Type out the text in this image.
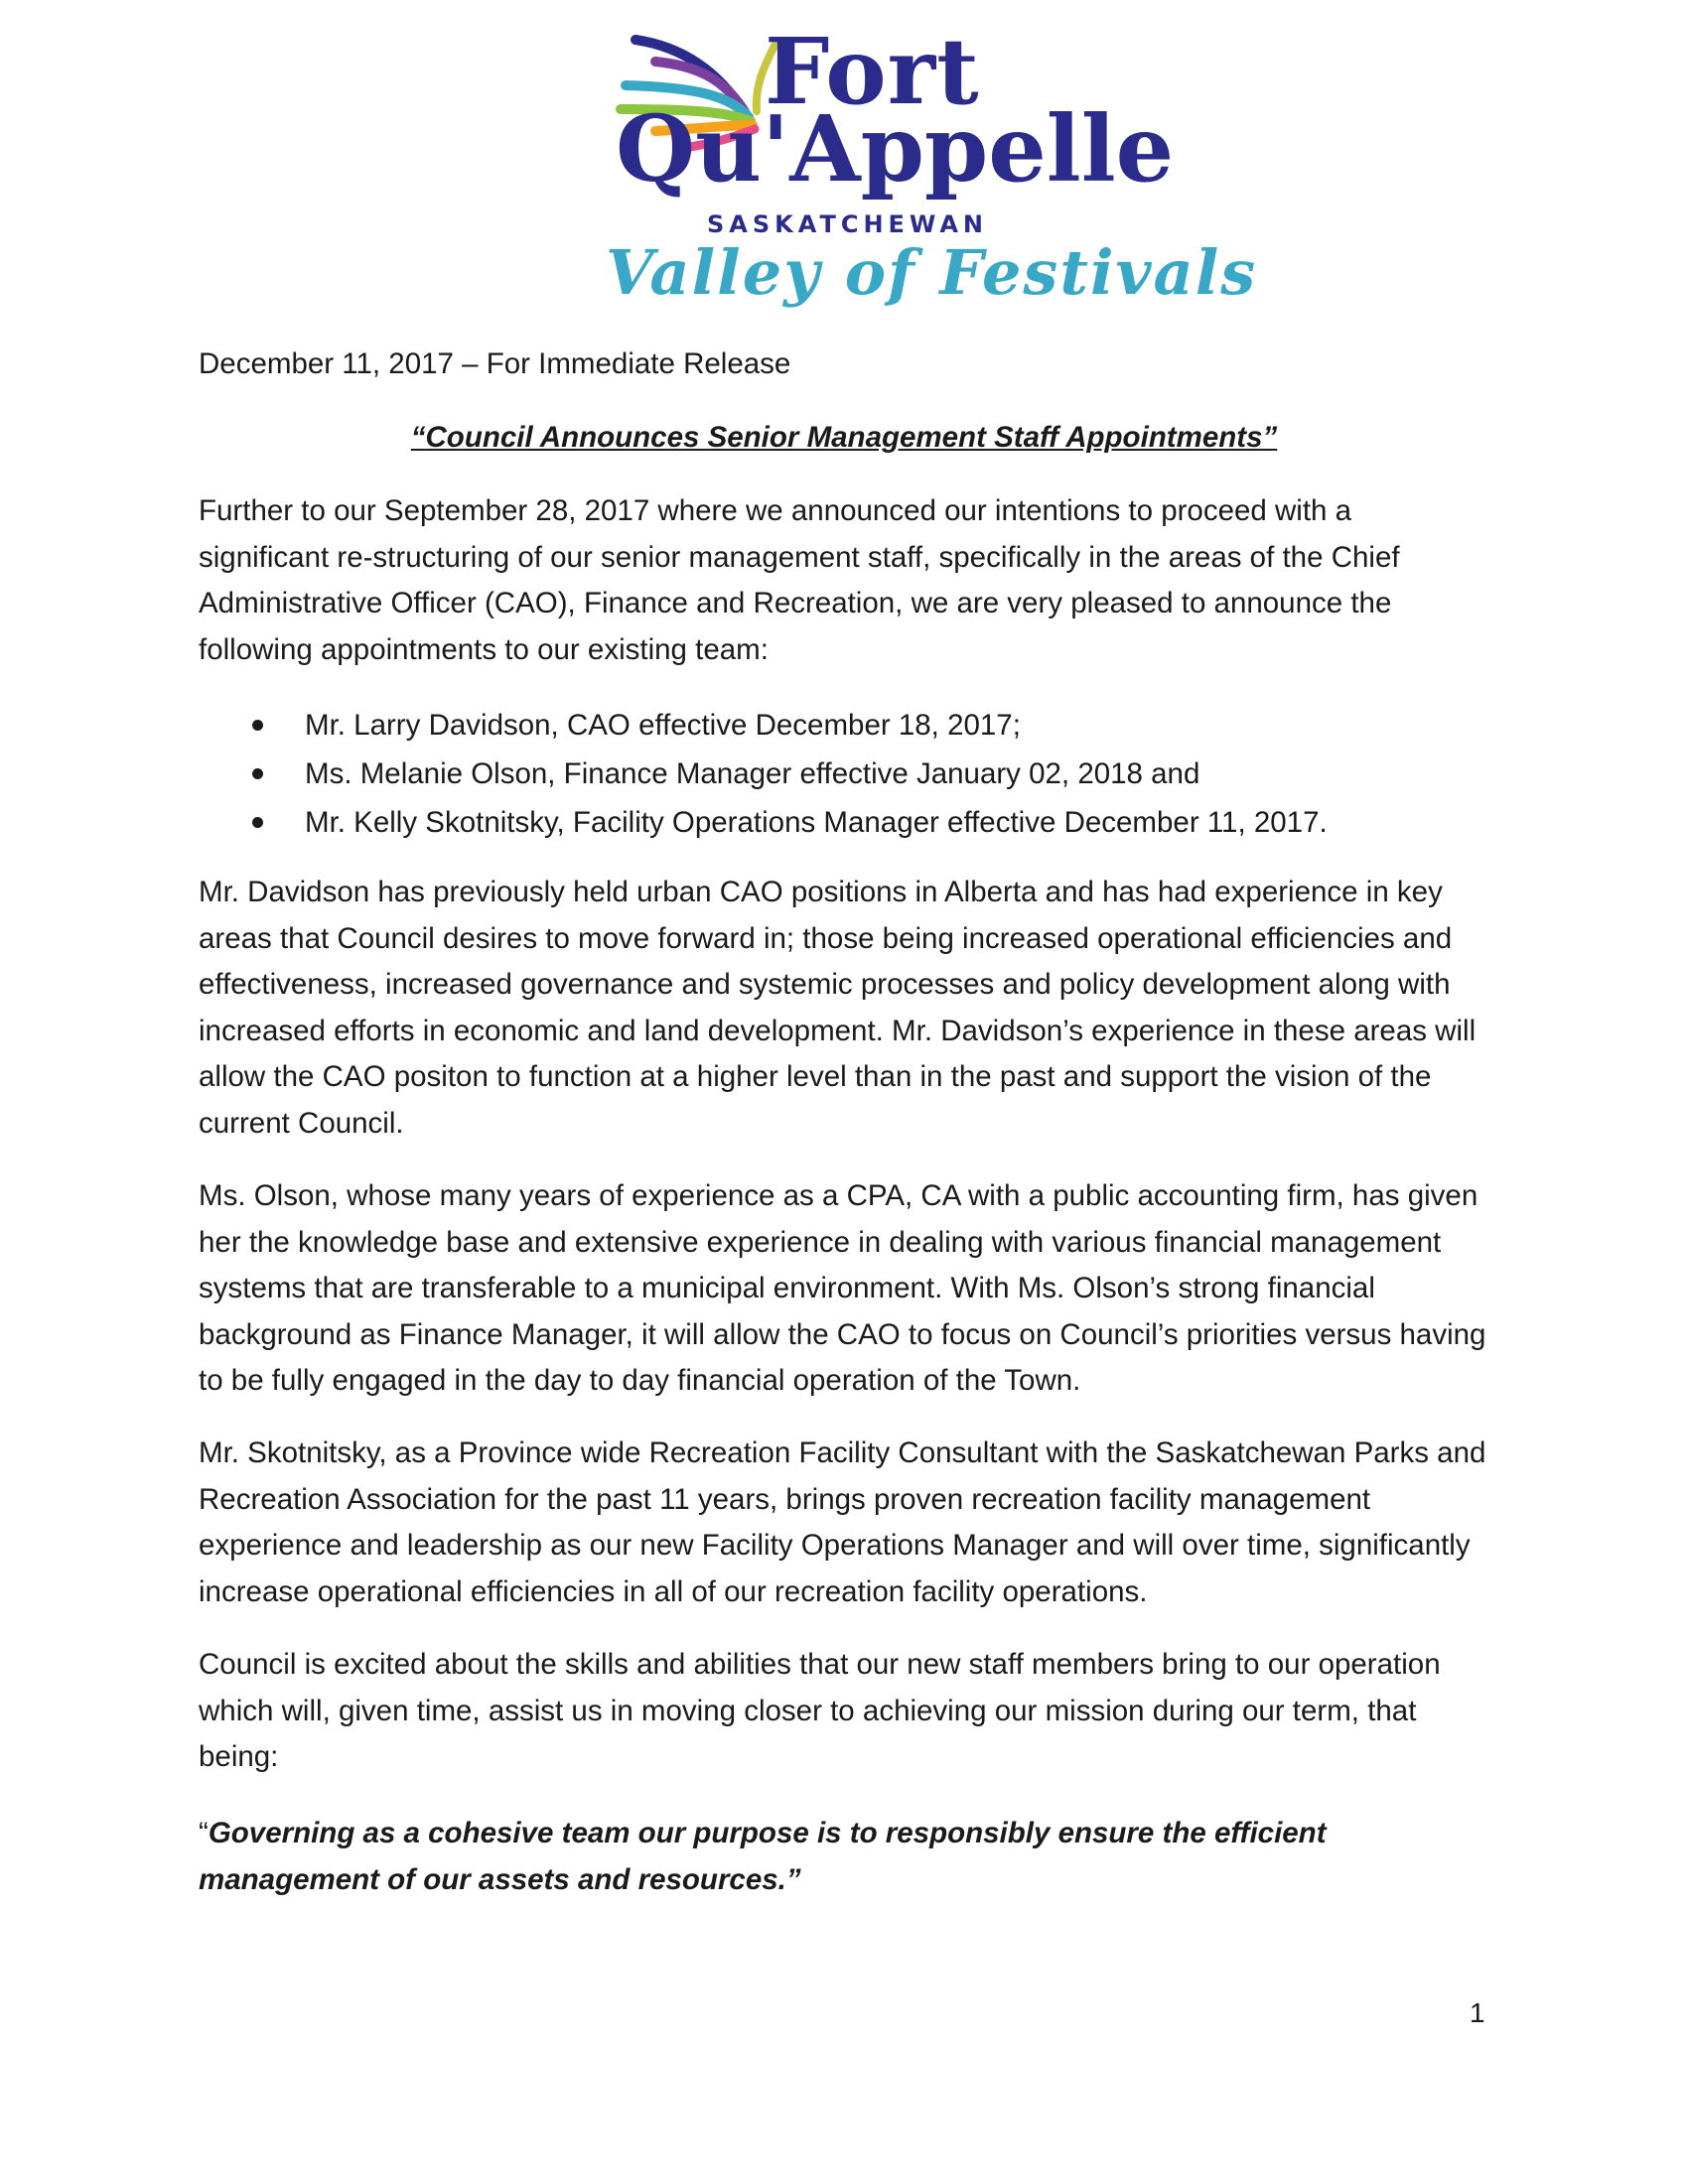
Fort
Qu'Appelle
SASKATCHEWAN
Valley of Festivals

December 11, 2017 – For Immediate Release

“Council Announces Senior Management Staff Appointments”

Further to our September 28, 2017 where we announced our intentions to proceed with a significant re-structuring of our senior management staff, specifically in the areas of the Chief Administrative Officer (CAO), Finance and Recreation, we are very pleased to announce the following appointments to our existing team:

Mr. Larry Davidson, CAO effective December 18, 2017;
Ms. Melanie Olson, Finance Manager effective January 02, 2018 and
Mr. Kelly Skotnitsky, Facility Operations Manager effective December 11, 2017.

Mr. Davidson has previously held urban CAO positions in Alberta and has had experience in key areas that Council desires to move forward in; those being increased operational efficiencies and effectiveness, increased governance and systemic processes and policy development along with increased efforts in economic and land development. Mr. Davidson’s experience in these areas will allow the CAO positon to function at a higher level than in the past and support the vision of the current Council.

Ms. Olson, whose many years of experience as a CPA, CA with a public accounting firm, has given her the knowledge base and extensive experience in dealing with various financial management systems that are transferable to a municipal environment. With Ms. Olson’s strong financial background as Finance Manager, it will allow the CAO to focus on Council’s priorities versus having to be fully engaged in the day to day financial operation of the Town.

Mr. Skotnitsky, as a Province wide Recreation Facility Consultant with the Saskatchewan Parks and Recreation Association for the past 11 years, brings proven recreation facility management experience and leadership as our new Facility Operations Manager and will over time, significantly increase operational efficiencies in all of our recreation facility operations.

Council is excited about the skills and abilities that our new staff members bring to our operation which will, given time, assist us in moving closer to achieving our mission during our term, that being:

“Governing as a cohesive team our purpose is to responsibly ensure the efficient management of our assets and resources.”

1
